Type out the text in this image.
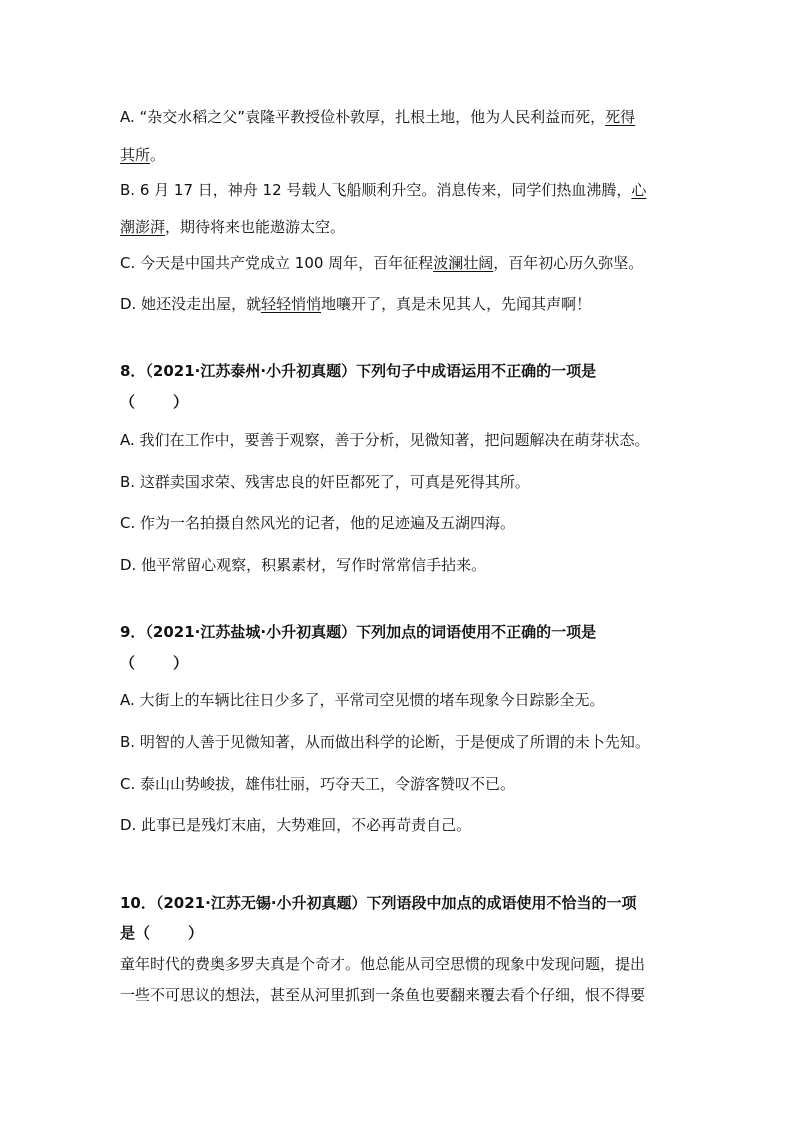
A. “杂交水稻之父”袁隆平教授俭朴敦厚，扎根土地，他为人民利益而死，死得
其所。
B. 6 月 17 日，神舟 12 号载人飞船顺利升空。消息传来，同学们热血沸腾，心
潮澎湃，期待将来也能遨游太空。
C. 今天是中国共产党成立 100 周年，百年征程波澜壮阔，百年初心历久弥坚。
D. 她还没走出屋，就轻轻悄悄地嚷开了，真是未见其人，先闻其声啊！
8．（2021·江苏泰州·小升初真题）下列句子中成语运用不正确的一项是
（	）
A. 我们在工作中，要善于观察，善于分析，见微知著，把问题解决在萌芽状态。
B. 这群卖国求荣、残害忠良的奸臣都死了，可真是死得其所。
C. 作为一名拍摄自然风光的记者，他的足迹遍及五湖四海。
D. 他平常留心观察，积累素材，写作时常常信手拈来。
9．（2021·江苏盐城·小升初真题）下列加点的词语使用不正确的一项是
（	）
A. 大街上的车辆比往日少多了，平常司空见惯的堵车现象今日踪影全无。
B. 明智的人善于见微知著，从而做出科学的论断，于是便成了所谓的未卜先知。
C. 泰山山势峻拔，雄伟壮丽，巧夺天工，令游客赞叹不已。
D. 此事已是残灯末庙，大势难回，不必再苛责自己。
10．（2021·江苏无锡·小升初真题）下列语段中加点的成语使用不恰当的一项
是（	）
童年时代的费奥多罗夫真是个奇才。他总能从司空思惯的现象中发现问题，提出
一些不可思议的想法，甚至从河里抓到一条鱼也要翻来覆去看个仔细，恨不得要
